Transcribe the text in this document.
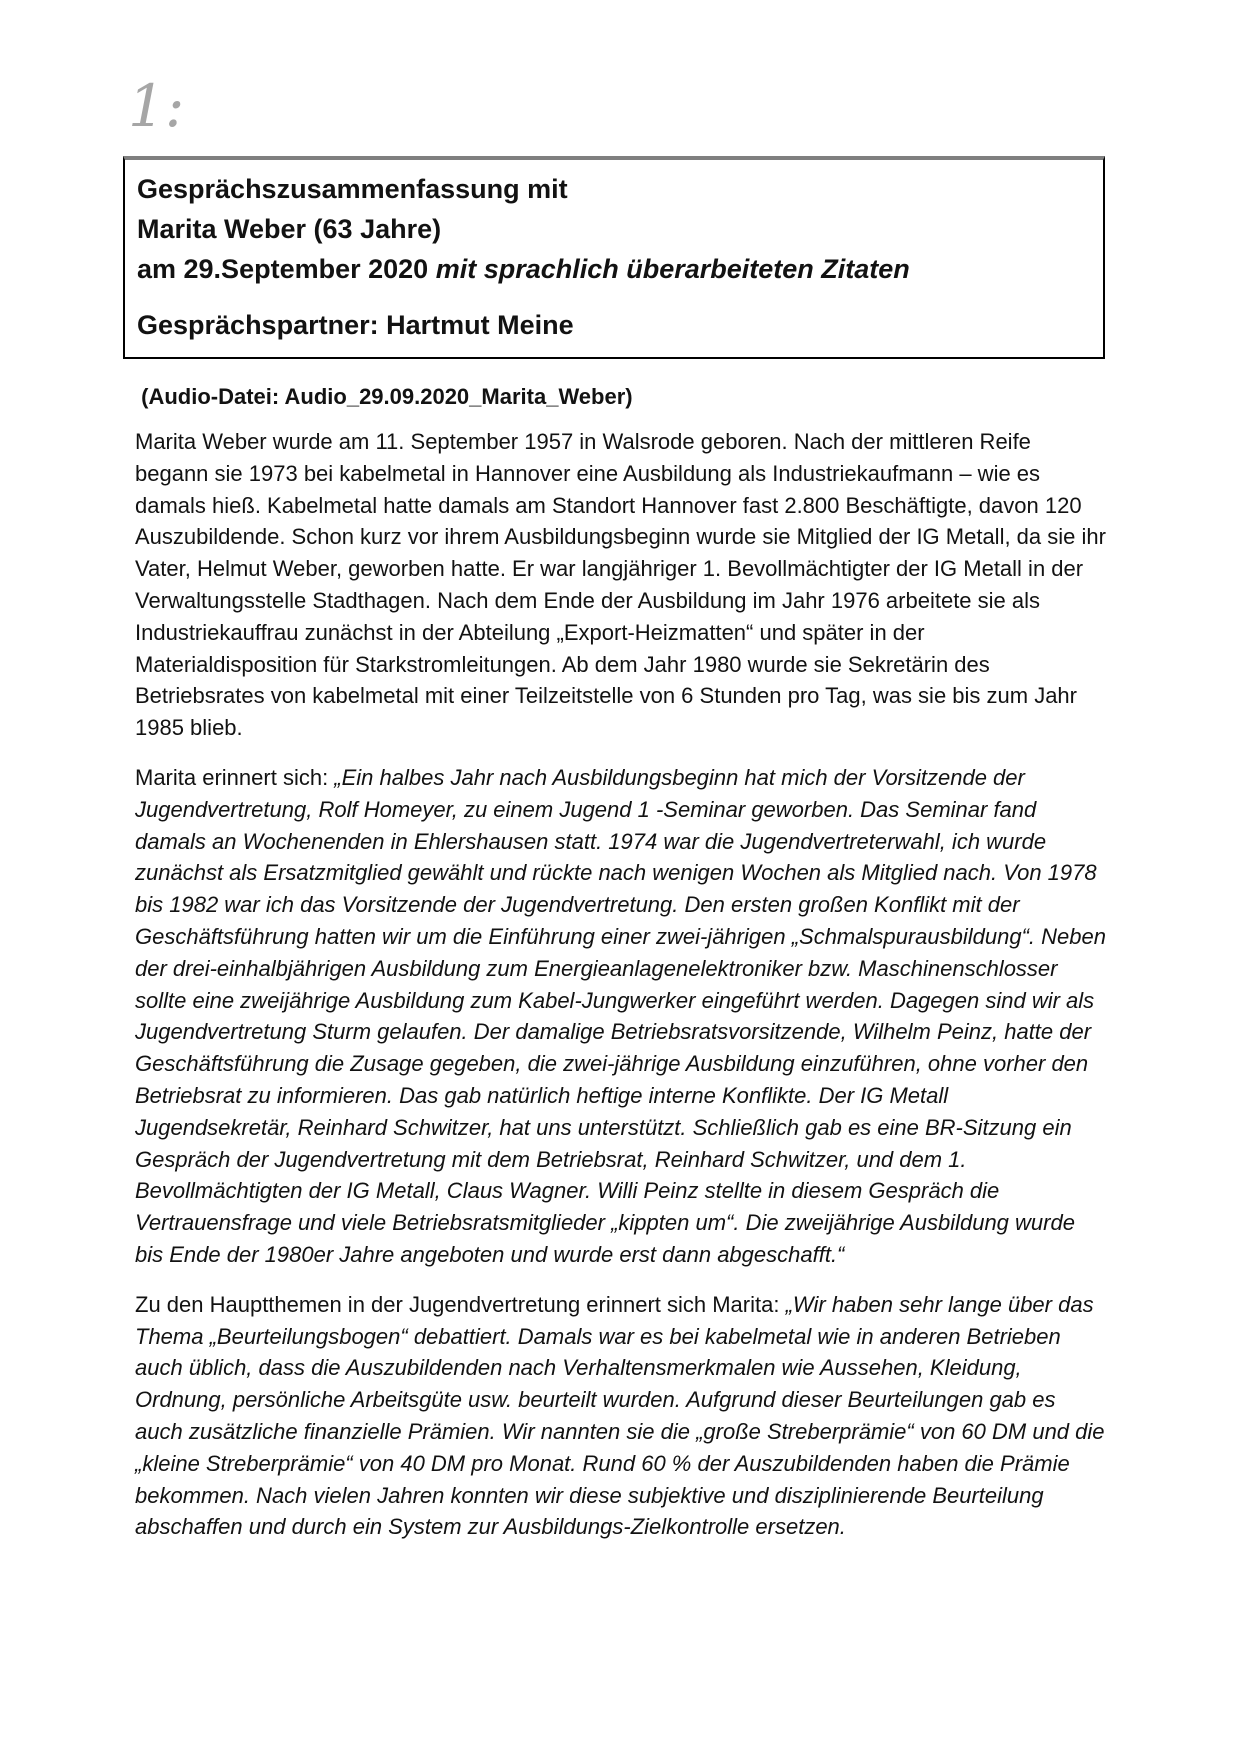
1:
Gesprächszusammenfassung mit
Marita Weber (63 Jahre)
am 29.September 2020 mit sprachlich überarbeiteten Zitaten
Gesprächspartner: Hartmut Meine
(Audio-Datei: Audio_29.09.2020_Marita_Weber)

Marita Weber wurde am 11. September 1957 in Walsrode geboren. Nach der mittleren Reife begann sie 1973 bei kabelmetal in Hannover eine Ausbildung als Industriekaufmann – wie es damals hieß. Kabelmetal hatte damals am Standort Hannover fast 2.800 Beschäftigte, davon 120 Auszubildende. Schon kurz vor ihrem Ausbildungsbeginn wurde sie Mitglied der IG Metall, da sie ihr Vater, Helmut Weber, geworben hatte. Er war langjähriger 1. Bevollmächtigter der IG Metall in der Verwaltungsstelle Stadthagen. Nach dem Ende der Ausbildung im Jahr 1976 arbeitete sie als Industriekauffrau zunächst in der Abteilung „Export-Heizmatten“ und später in der Materialdisposition für Starkstromleitungen. Ab dem Jahr 1980 wurde sie Sekretärin des Betriebsrates von kabelmetal mit einer Teilzeitstelle von 6 Stunden pro Tag, was sie bis zum Jahr 1985 blieb.

Marita erinnert sich: „Ein halbes Jahr nach Ausbildungsbeginn hat mich der Vorsitzende der Jugendvertretung, Rolf Homeyer, zu einem Jugend 1 -Seminar geworben. Das Seminar fand damals an Wochenenden in Ehlershausen statt. 1974 war die Jugendvertreterwahl, ich wurde zunächst als Ersatzmitglied gewählt und rückte nach wenigen Wochen als Mitglied nach. Von 1978 bis 1982 war ich das Vorsitzende der Jugendvertretung. Den ersten großen Konflikt mit der Geschäftsführung hatten wir um die Einführung einer zwei-jährigen „Schmalspurausbildung“. Neben der drei-einhalbjährigen Ausbildung zum Energieanlagenelektroniker bzw. Maschinenschlosser sollte eine zweijährige Ausbildung zum Kabel-Jungwerker eingeführt werden. Dagegen sind wir als Jugendvertretung Sturm gelaufen. Der damalige Betriebsratsvorsitzende, Wilhelm Peinz, hatte der Geschäftsführung die Zusage gegeben, die zwei-jährige Ausbildung einzuführen, ohne vorher den Betriebsrat zu informieren. Das gab natürlich heftige interne Konflikte. Der IG Metall Jugendsekretär, Reinhard Schwitzer, hat uns unterstützt. Schließlich gab es eine BR-Sitzung ein Gespräch der Jugendvertretung mit dem Betriebsrat, Reinhard Schwitzer, und dem 1. Bevollmächtigten der IG Metall, Claus Wagner. Willi Peinz stellte in diesem Gespräch die Vertrauensfrage und viele Betriebsratsmitglieder „kippten um“. Die zweijährige Ausbildung wurde bis Ende der 1980er Jahre angeboten und wurde erst dann abgeschafft.“

Zu den Hauptthemen in der Jugendvertretung erinnert sich Marita: „Wir haben sehr lange über das Thema „Beurteilungsbogen“ debattiert. Damals war es bei kabelmetal wie in anderen Betrieben auch üblich, dass die Auszubildenden nach Verhaltensmerkmalen wie Aussehen, Kleidung, Ordnung, persönliche Arbeitsgüte usw. beurteilt wurden. Aufgrund dieser Beurteilungen gab es auch zusätzliche finanzielle Prämien. Wir nannten sie die „große Streberprämie“ von 60 DM und die „kleine Streberprämie“ von 40 DM pro Monat. Rund 60 % der Auszubildenden haben die Prämie bekommen. Nach vielen Jahren konnten wir diese subjektive und disziplinierende Beurteilung abschaffen und durch ein System zur Ausbildungs-Zielkontrolle ersetzen.
